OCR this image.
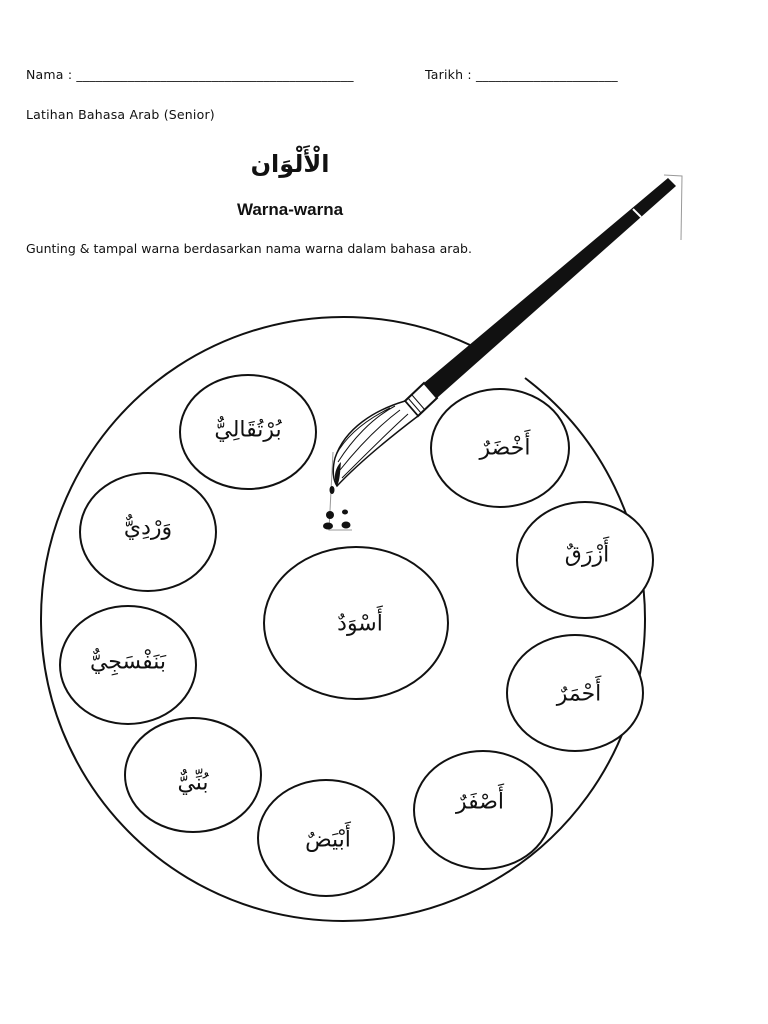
Nama : ___________________________________________	Tarikh : ______________________
Latihan Bahasa Arab (Senior)
الْأَلْوَان
Warna-warna
Gunting & tampal warna berdasarkan nama warna dalam bahasa arab.
بُرْتُقَالِيٌّ
أَخْضَرٌ
وَرْدِيٌّ
أَزْرَقٌ
أَسْوَدٌ
بَنَفْسَجِيٌّ
أَحْمَرٌ
بُنِّيٌّ
أَصْفَرٌ
أَبْيَضٌ
